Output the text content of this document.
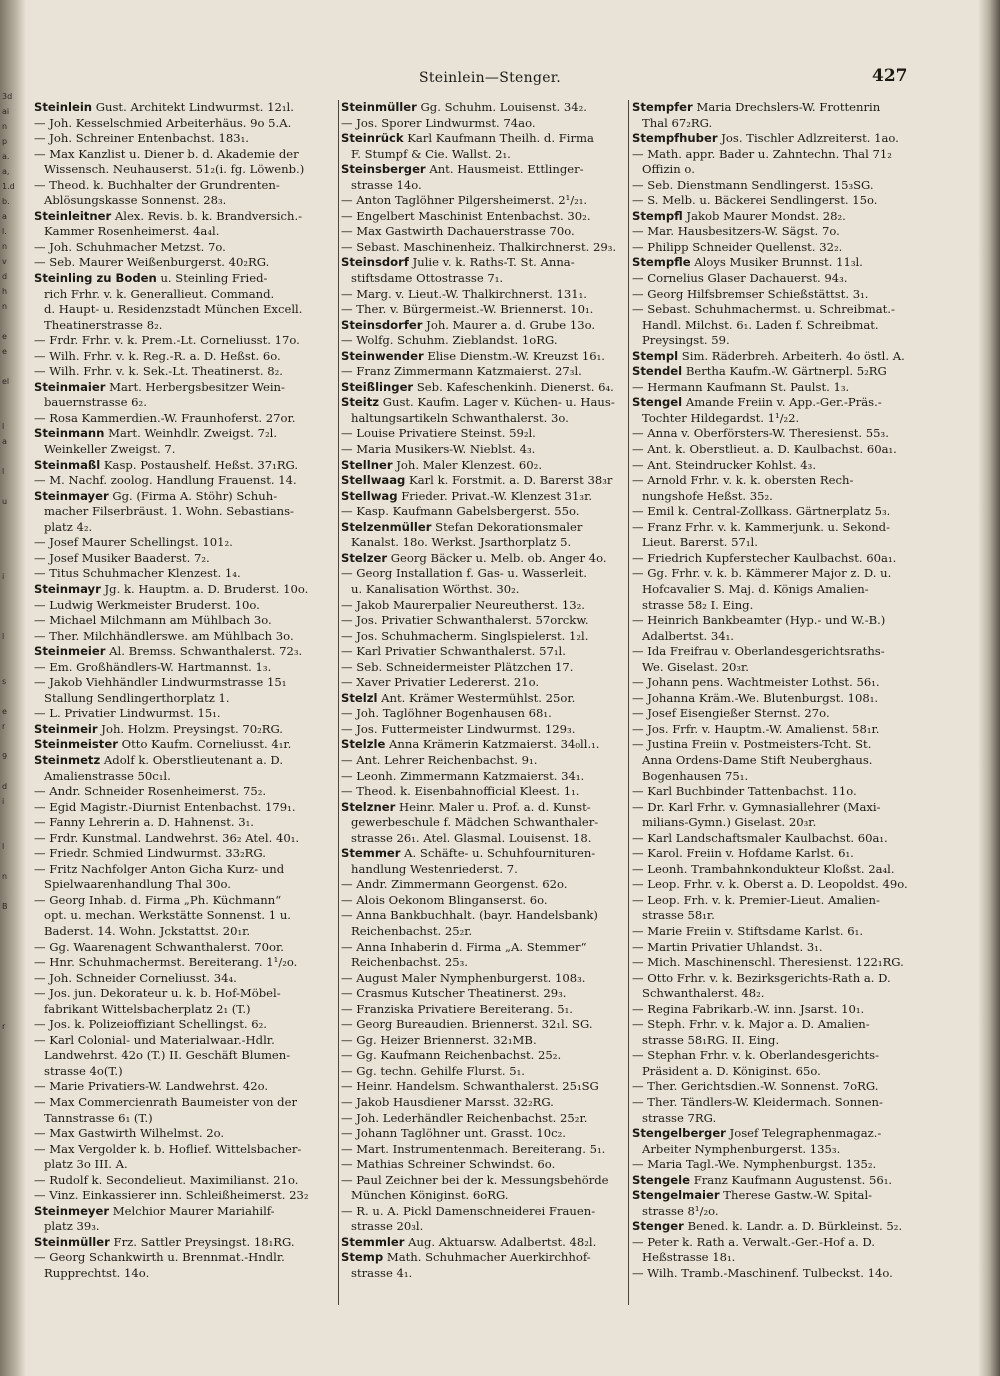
3d
ai
n
p
a.
a,
1.d
b.
a
l.
n
v
d
h
n
e
e
el
l
a
l
u
i
l
s
e
r
9
d
i
l
n
B
r
Steinlein—Stenger.	427
Steinlein Gust. Architekt Lindwurmst. 12₁l.
— Joh. Kesselschmied Arbeiterhäus. 9o 5.A.
— Joh. Schreiner Entenbachst. 183₁.
— Max Kanzlist u. Diener b. d. Akademie der
Wissensch. Neuhauserst. 51₂(i. fg. Löwenb.)
— Theod. k. Buchhalter der Grundrenten-
Ablösungskasse Sonnenst. 28₃.
Steinleitner Alex. Revis. b. k. Brandversich.-
Kammer Rosenheimerst. 4a₄l.
— Joh. Schuhmacher Metzst. 7o.
— Seb. Maurer Weißenburgerst. 40₂RG.
Steinling zu Boden u. Steinling Fried-
rich Frhr. v. k. Generallieut. Command.
d. Haupt- u. Residenzstadt München Excell.
Theatinerstrasse 8₂.
— Frdr. Frhr. v. k. Prem.-Lt. Corneliusst. 17o.
— Wilh. Frhr. v. k. Reg.-R. a. D. Heßst. 6o.
— Wilh. Frhr. v. k. Sek.-Lt. Theatinerst. 8₂.
Steinmaier Mart. Herbergsbesitzer Wein-
bauernstrasse 6₂.
— Rosa Kammerdien.-W. Fraunhoferst. 27or.
Steinmann Mart. Weinhdlr. Zweigst. 7₂l.
Weinkeller Zweigst. 7.
Steinmaßl Kasp. Postaushelf. Heßst. 37₁RG.
— M. Nachf. zoolog. Handlung Frauenst. 14.
Steinmayer Gg. (Firma A. Stöhr) Schuh-
macher Filserbräust. 1. Wohn. Sebastians-
platz 4₂.
— Josef Maurer Schellingst. 101₂.
— Josef Musiker Baaderst. 7₂.
— Titus Schuhmacher Klenzest. 1₄.
Steinmayr Jg. k. Hauptm. a. D. Bruderst. 10o.
— Ludwig Werkmeister Bruderst. 10o.
— Michael Milchmann am Mühlbach 3o.
— Ther. Milchhändlerswe. am Mühlbach 3o.
Steinmeier Al. Bremss. Schwanthalerst. 72₃.
— Em. Großhändlers-W. Hartmannst. 1₃.
— Jakob Viehhändler Lindwurmstrasse 15₁
Stallung Sendlingerthorplatz 1.
— L. Privatier Lindwurmst. 15₁.
Steinmeir Joh. Holzm. Preysingst. 70₂RG.
Steinmeister Otto Kaufm. Corneliusst. 4₁r.
Steinmetz Adolf k. Oberstlieutenant a. D.
Amalienstrasse 50c₁l.
— Andr. Schneider Rosenheimerst. 75₂.
— Egid Magistr.-Diurnist Entenbachst. 179₁.
— Fanny Lehrerin a. D. Hahnenst. 3₁.
— Frdr. Kunstmal. Landwehrst. 36₂ Atel. 40₁.
— Friedr. Schmied Lindwurmst. 33₂RG.
— Fritz Nachfolger Anton Gicha Kurz- und
Spielwaarenhandlung Thal 30o.
— Georg Inhab. d. Firma „Ph. Küchmann“
opt. u. mechan. Werkstätte Sonnenst. 1 u.
Baderst. 14. Wohn. Jckstattst. 20₁r.
— Gg. Waarenagent Schwanthalerst. 70or.
— Hnr. Schuhmachermst. Bereiterang. 1¹/₂o.
— Joh. Schneider Corneliusst. 34₄.
— Jos. jun. Dekorateur u. k. b. Hof-Möbel-
fabrikant Wittelsbacherplatz 2₁ (T.)
— Jos. k. Polizeioffiziant Schellingst. 6₂.
— Karl Colonial- und Materialwaar.-Hdlr.
Landwehrst. 42o (T.) II. Geschäft Blumen-
strasse 4o(T.)
— Marie Privatiers-W. Landwehrst. 42o.
— Max Commercienrath Baumeister von der
Tannstrasse 6₁ (T.)
— Max Gastwirth Wilhelmst. 2o.
— Max Vergolder k. b. Hoflief. Wittelsbacher-
platz 3o III. A.
— Rudolf k. Secondelieut. Maximilianst. 21o.
— Vinz. Einkassierer inn. Schleißheimerst. 23₂
Steinmeyer Melchior Maurer Mariahilf-
platz 39₃.
Steinmüller Frz. Sattler Preysingst. 18₁RG.
— Georg Schankwirth u. Brennmat.-Hndlr.
Rupprechtst. 14o.
Steinmüller Gg. Schuhm. Louisenst. 34₂.
— Jos. Sporer Lindwurmst. 74ao.
Steinrück Karl Kaufmann Theilh. d. Firma
F. Stumpf & Cie. Wallst. 2₁.
Steinsberger Ant. Hausmeist. Ettlinger-
strasse 14o.
— Anton Taglöhner Pilgersheimerst. 2¹/₂₁.
— Engelbert Maschinist Entenbachst. 30₂.
— Max Gastwirth Dachauerstrasse 70o.
— Sebast. Maschinenheiz. Thalkirchnerst. 29₃.
Steinsdorf Julie v. k. Raths-T. St. Anna-
stiftsdame Ottostrasse 7₁.
— Marg. v. Lieut.-W. Thalkirchnerst. 131₁.
— Ther. v. Bürgermeist.-W. Briennerst. 10₁.
Steinsdorfer Joh. Maurer a. d. Grube 13o.
— Wolfg. Schuhm. Zieblandst. 1oRG.
Steinwender Elise Dienstm.-W. Kreuzst 16₁.
— Franz Zimmermann Katzmaierst. 27₃l.
Steißlinger Seb. Kafeschenkinh. Dienerst. 6₄.
Steitz Gust. Kaufm. Lager v. Küchen- u. Haus-
haltungsartikeln Schwanthalerst. 3o.
— Louise Privatiere Steinst. 59₂l.
— Maria Musikers-W. Nieblst. 4₃.
Stellner Joh. Maler Klenzest. 60₂.
Stellwaag Karl k. Forstmit. a. D. Barerst 38₃r
Stellwag Frieder. Privat.-W. Klenzest 31₃r.
— Kasp. Kaufmann Gabelsbergerst. 55o.
Stelzenmüller Stefan Dekorationsmaler
Kanalst. 18o. Werkst. Jsarthorplatz 5.
Stelzer Georg Bäcker u. Melb. ob. Anger 4o.
— Georg Installation f. Gas- u. Wasserleit.
u. Kanalisation Wörthst. 30₂.
— Jakob Maurerpalier Neureutherst. 13₂.
— Jos. Privatier Schwanthalerst. 57orckw.
— Jos. Schuhmacherm. Singlspielerst. 1₂l.
— Karl Privatier Schwanthalerst. 57₁l.
— Seb. Schneidermeister Plätzchen 17.
— Xaver Privatier Ledererst. 21o.
Stelzl Ant. Krämer Westermühlst. 25or.
— Joh. Taglöhner Bogenhausen 68₁.
— Jos. Futtermeister Lindwurmst. 129₃.
Stelzle Anna Krämerin Katzmaierst. 34₀ll.₁.
— Ant. Lehrer Reichenbachst. 9₁.
— Leonh. Zimmermann Katzmaierst. 34₁.
— Theod. k. Eisenbahnofficial Kleest. 1₁.
Stelzner Heinr. Maler u. Prof. a. d. Kunst-
gewerbeschule f. Mädchen Schwanthaler-
strasse 26₁. Atel. Glasmal. Louisenst. 18.
Stemmer A. Schäfte- u. Schuhfournituren-
handlung Westenriederst. 7.
— Andr. Zimmermann Georgenst. 62o.
— Alois Oekonom Blinganserst. 6o.
— Anna Bankbuchhalt. (bayr. Handelsbank)
Reichenbachst. 25₂r.
— Anna Inhaberin d. Firma „A. Stemmer“
Reichenbachst. 25₃.
— August Maler Nymphenburgerst. 108₃.
— Crasmus Kutscher Theatinerst. 29₃.
— Franziska Privatiere Bereiterang. 5₁.
— Georg Bureaudien. Briennerst. 32₁l. SG.
— Gg. Heizer Briennerst. 32₁MB.
— Gg. Kaufmann Reichenbachst. 25₂.
— Gg. techn. Gehilfe Flurst. 5₁.
— Heinr. Handelsm. Schwanthalerst. 25₁SG
— Jakob Hausdiener Marsst. 32₂RG.
— Joh. Lederhändler Reichenbachst. 25₂r.
— Johann Taglöhner unt. Grasst. 10c₂.
— Mart. Instrumentenmach. Bereiterang. 5₁.
— Mathias Schreiner Schwindst. 6o.
— Paul Zeichner bei der k. Messungsbehörde
München Königinst. 6oRG.
— R. u. A. Pickl Damenschneiderei Frauen-
strasse 20₃l.
Stemmler Aug. Aktuarsw. Adalbertst. 48₂l.
Stemp Math. Schuhmacher Auerkirchhof-
strasse 4₁.
Stempfer Maria Drechslers-W. Frottenrin
Thal 67₂RG.
Stempfhuber Jos. Tischler Adlzreiterst. 1ao.
— Math. appr. Bader u. Zahntechn. Thal 71₂
Offizin o.
— Seb. Dienstmann Sendlingerst. 15₃SG.
— S. Melb. u. Bäckerei Sendlingerst. 15o.
Stempfl Jakob Maurer Mondst. 28₂.
— Mar. Hausbesitzers-W. Sägst. 7o.
— Philipp Schneider Quellenst. 32₂.
Stempfle Aloys Musiker Brunnst. 11₃l.
— Cornelius Glaser Dachauerst. 94₃.
— Georg Hilfsbremser Schießstättst. 3₁.
— Sebast. Schuhmachermst. u. Schreibmat.-
Handl. Milchst. 6₁. Laden f. Schreibmat.
Preysingst. 59.
Stempl Sim. Räderbreh. Arbeiterh. 4o östl. A.
Stendel Bertha Kaufm.-W. Gärtnerpl. 5₂RG
— Hermann Kaufmann St. Paulst. 1₃.
Stengel Amande Freiin v. App.-Ger.-Präs.-
Tochter Hildegardst. 1¹/₂2.
— Anna v. Oberförsters-W. Theresienst. 55₃.
— Ant. k. Oberstlieut. a. D. Kaulbachst. 60a₁.
— Ant. Steindrucker Kohlst. 4₃.
— Arnold Frhr. v. k. k. obersten Rech-
nungshofe Heßst. 35₂.
— Emil k. Central-Zollkass. Gärtnerplatz 5₃.
— Franz Frhr. v. k. Kammerjunk. u. Sekond-
Lieut. Barerst. 57₁l.
— Friedrich Kupferstecher Kaulbachst. 60a₁.
— Gg. Frhr. v. k. b. Kämmerer Major z. D. u.
Hofcavalier S. Maj. d. Königs Amalien-
strasse 58₂ I. Eing.
— Heinrich Bankbeamter (Hyp.- und W.-B.)
Adalbertst. 34₁.
— Ida Freifrau v. Oberlandesgerichtsraths-
We. Giselast. 20₃r.
— Johann pens. Wachtmeister Lothst. 56₁.
— Johanna Kräm.-We. Blutenburgst. 108₁.
— Josef Eisengießer Sternst. 27o.
— Jos. Frfr. v. Hauptm.-W. Amalienst. 58₁r.
— Justina Freiin v. Postmeisters-Tcht. St.
Anna Ordens-Dame Stift Neuberghaus.
Bogenhausen 75₁.
— Karl Buchbinder Tattenbachst. 11o.
— Dr. Karl Frhr. v. Gymnasiallehrer (Maxi-
milians-Gymn.) Giselast. 20₃r.
— Karl Landschaftsmaler Kaulbachst. 60a₁.
— Karol. Freiin v. Hofdame Karlst. 6₁.
— Leonh. Trambahnkondukteur Kloßst. 2a₄l.
— Leop. Frhr. v. k. Oberst a. D. Leopoldst. 49o.
— Leop. Frh. v. k. Premier-Lieut. Amalien-
strasse 58₁r.
— Marie Freiin v. Stiftsdame Karlst. 6₁.
— Martin Privatier Uhlandst. 3₁.
— Mich. Maschinenschl. Theresienst. 122₁RG.
— Otto Frhr. v. k. Bezirksgerichts-Rath a. D.
Schwanthalerst. 48₂.
— Regina Fabrikarb.-W. inn. Jsarst. 10₁.
— Steph. Frhr. v. k. Major a. D. Amalien-
strasse 58₁RG. II. Eing.
— Stephan Frhr. v. k. Oberlandesgerichts-
Präsident a. D. Königinst. 65o.
— Ther. Gerichtsdien.-W. Sonnenst. 7oRG.
— Ther. Tändlers-W. Kleidermach. Sonnen-
strasse 7RG.
Stengelberger Josef Telegraphenmagaz.-
Arbeiter Nymphenburgerst. 135₃.
— Maria Tagl.-We. Nymphenburgst. 135₂.
Stengele Franz Kaufmann Augustenst. 56₁.
Stengelmaier Therese Gastw.-W. Spital-
strasse 8¹/₂o.
Stenger Bened. k. Landr. a. D. Bürkleinst. 5₂.
— Peter k. Rath a. Verwalt.-Ger.-Hof a. D.
Heßstrasse 18₁.
— Wilh. Tramb.-Maschinenf. Tulbeckst. 14o.
